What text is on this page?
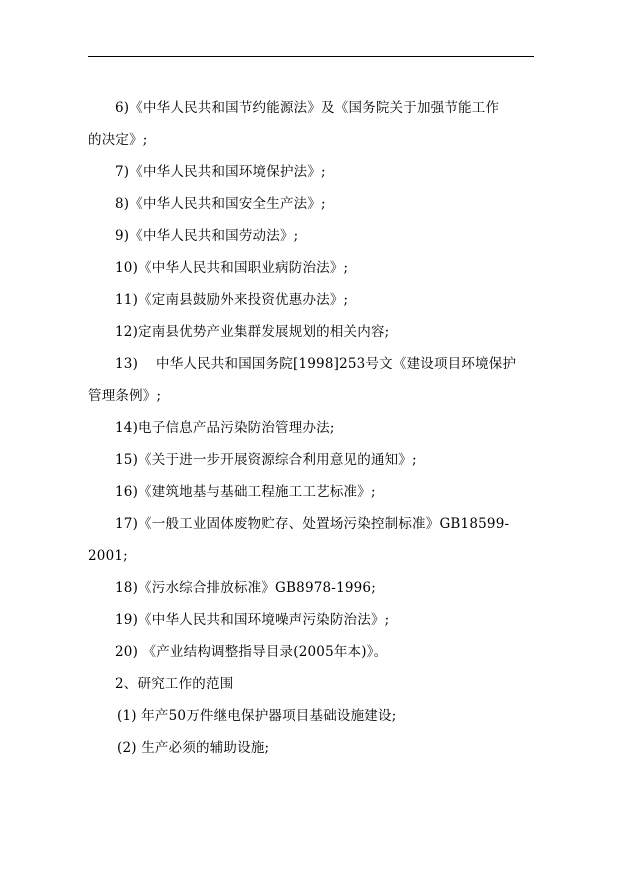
6)《中华人民共和国节约能源法》及《国务院关于加强节能工作
的决定》;
7)《中华人民共和国环境保护法》;
8)《中华人民共和国安全生产法》;
9)《中华人民共和国劳动法》;
10)《中华人民共和国职业病防治法》;
11)《定南县鼓励外来投资优惠办法》;
12)定南县优势产业集群发展规划的相关内容;
13)    中华人民共和国国务院[1998]253号文《建设项目环境保护
管理条例》;
14)电子信息产品污染防治管理办法;
15)《关于进一步开展资源综合利用意见的通知》;
16)《建筑地基与基础工程施工工艺标准》;
17)《一般工业固体废物贮存、处置场污染控制标准》GB18599-
2001;
18)《污水综合排放标准》GB8978-1996;
19)《中华人民共和国环境噪声污染防治法》;
20) 《产业结构调整指导目录(2005年本)》。
2、研究工作的范围
(1) 年产50万件继电保护器项目基础设施建设;
(2) 生产必须的辅助设施;
